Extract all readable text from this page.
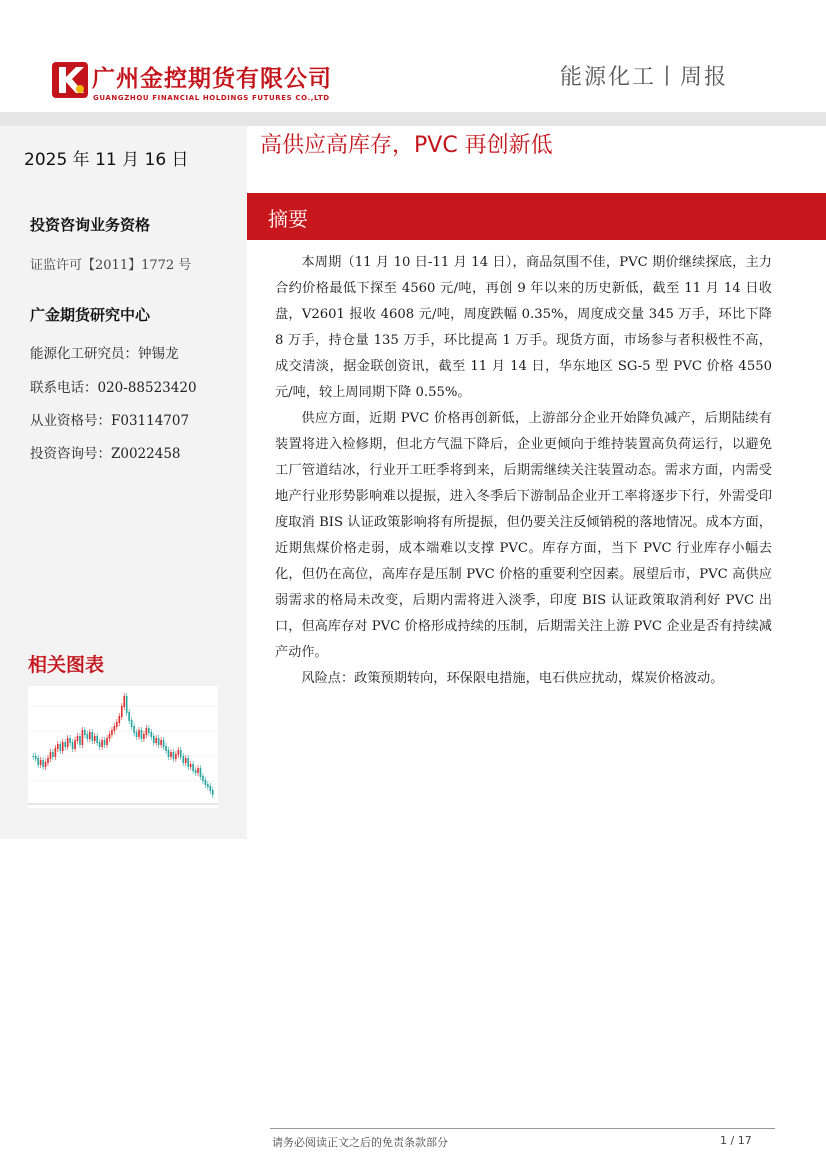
广州金控期货有限公司
GUANGZHOU FINANCIAL HOLDINGS FUTURES CO.,LTD
能源化工丨周报
2025 年 11 月 16 日
投资咨询业务资格
证监许可【2011】1772 号
广金期货研究中心
能源化工研究员：钟锡龙
联系电话：020-88523420
从业资格号：F03114707
投资咨询号：Z0022458
相关图表
高供应高库存，PVC 再创新低
摘要

本周期（11 月 10 日-11 月 14 日），商品氛围不佳，PVC 期价继续探底，主力合约价格最低下探至 4560 元/吨，再创 9 年以来的历史新低，截至 11 月 14 日收盘，V2601 报收 4608 元/吨，周度跌幅 0.35%，周度成交量 345 万手，环比下降 8 万手，持仓量 135 万手，环比提高 1 万手。现货方面，市场参与者积极性不高，成交清淡，据金联创资讯，截至 11 月 14 日，华东地区 SG-5 型 PVC 价格 4550 元/吨，较上周同期下降 0.55%。

供应方面，近期 PVC 价格再创新低，上游部分企业开始降负减产，后期陆续有装置将进入检修期，但北方气温下降后，企业更倾向于维持装置高负荷运行，以避免工厂管道结冰，行业开工旺季将到来，后期需继续关注装置动态。需求方面，内需受地产行业形势影响难以提振，进入冬季后下游制品企业开工率将逐步下行，外需受印度取消 BIS 认证政策影响将有所提振，但仍要关注反倾销税的落地情况。成本方面，近期焦煤价格走弱，成本端难以支撑 PVC。库存方面，当下 PVC 行业库存小幅去化，但仍在高位，高库存是压制 PVC 价格的重要利空因素。展望后市，PVC 高供应弱需求的格局未改变，后期内需将进入淡季，印度 BIS 认证政策取消利好 PVC 出口，但高库存对 PVC 价格形成持续的压制，后期需关注上游 PVC 企业是否有持续减产动作。

风险点：政策预期转向，环保限电措施，电石供应扰动，煤炭价格波动。

请务必阅读正文之后的免责条款部分	1 / 17
